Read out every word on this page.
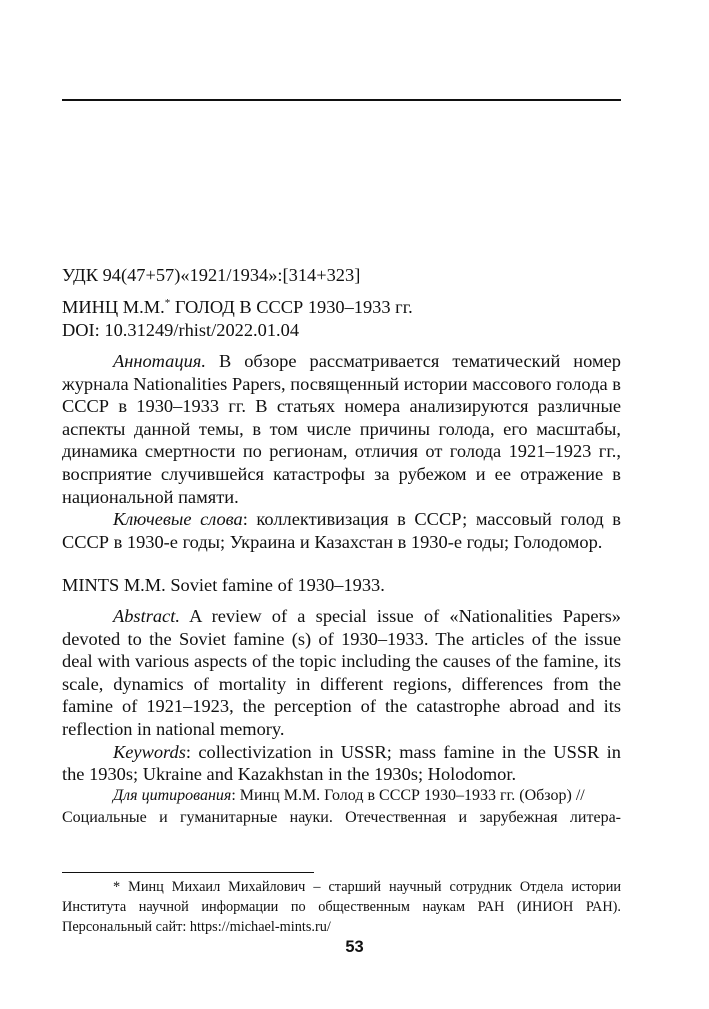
УДК 94(47+57)«1921/1934»:[314+323]

МИНЦ М.М.* ГОЛОД В СССР 1930–1933 гг.

DOI: 10.31249/rhist/2022.01.04

Аннотация. В обзоре рассматривается тематический номер журнала Nationalities Papers, посвященный истории массового голода в СССР в 1930–1933 гг. В статьях номера анализируются различные аспекты данной темы, в том числе причины голода, его масштабы, динамика смертности по регионам, отличия от голода 1921–1923 гг., восприятие случившейся катастрофы за рубежом и ее отражение в национальной памяти.

Ключевые слова: коллективизация в СССР; массовый голод в СССР в 1930-е годы; Украина и Казахстан в 1930-е годы; Голодомор.

MINTS M.M. Soviet famine of 1930–1933.

Abstract. A review of a special issue of «Nationalities Papers» devoted to the Soviet famine (s) of 1930–1933. The articles of the issue deal with various aspects of the topic including the causes of the famine, its scale, dynamics of mortality in different regions, differences from the famine of 1921–1923, the perception of the catastrophe abroad and its reflection in national memory.

Keywords: collectivization in USSR; mass famine in the USSR in the 1930s; Ukraine and Kazakhstan in the 1930s; Holodomor.

Для цитирования: Минц М.М. Голод в СССР 1930–1933 гг. (Обзор) //
Социальные и гуманитарные науки. Отечественная и зарубежная литера-

* Минц Михаил Михайлович – старший научный сотрудник Отдела истории Института научной информации по общественным наукам РАН (ИНИОН РАН). Персональный сайт: https://michael-mints.ru/

53
